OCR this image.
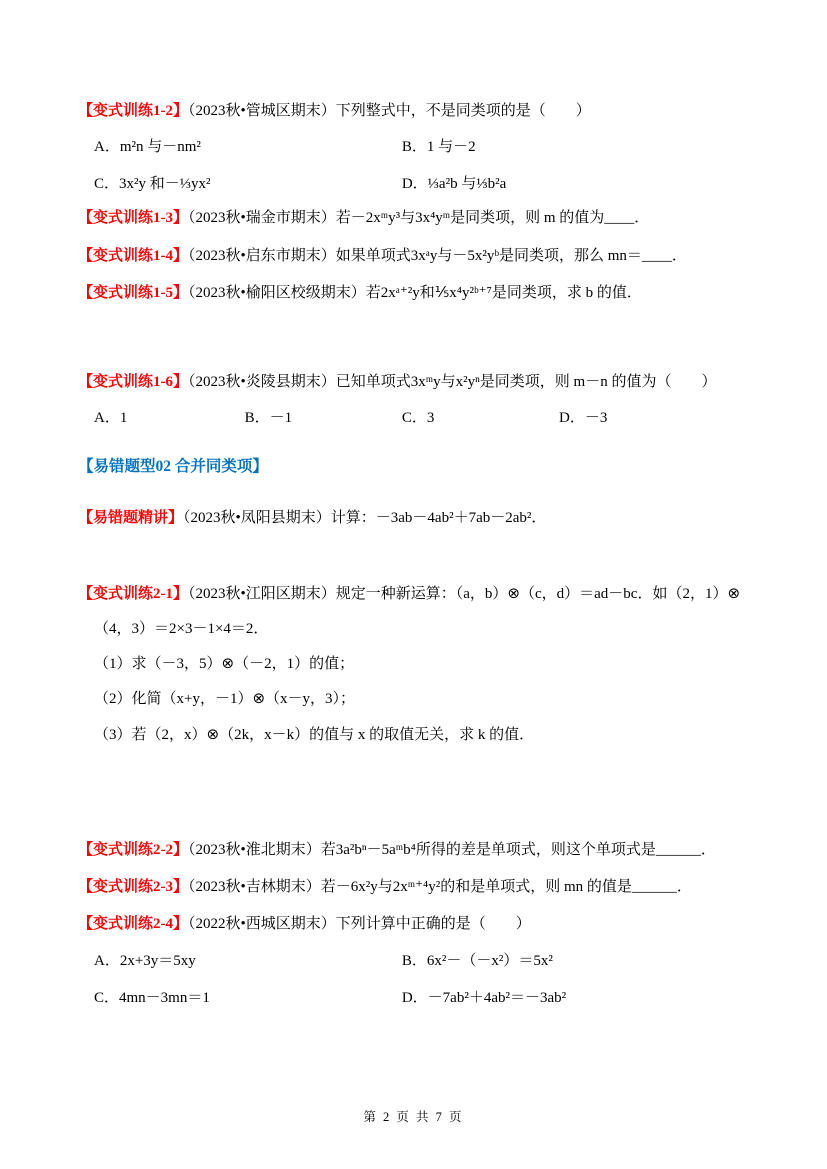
【变式训练1-2】（2023秋•管城区期末）下列整式中，不是同类项的是（　　）

A．m²n 与－nm²	B．1 与－2
C．3x²y 和－⅓yx²	D．⅓a²b 与⅓b²a

【变式训练1-3】（2023秋•瑞金市期末）若－2xᵐy³与3x⁴yᵐ是同类项，则 m 的值为____．

【变式训练1-4】（2023秋•启东市期末）如果单项式3xᵃy与－5x²yᵇ是同类项，那么 mn＝____．

【变式训练1-5】（2023秋•榆阳区校级期末）若2xᵃ⁺²y和⅕x⁴y²ᵇ⁺⁷是同类项，求 b 的值．

【变式训练1-6】（2023秋•炎陵县期末）已知单项式3xᵐy与x²yⁿ是同类项，则 m－n 的值为（　　）

A．1	B．－1	C．3	D．－3

【易错题型02 合并同类项】

【易错题精讲】（2023秋•凤阳县期末）计算：－3ab－4ab²＋7ab－2ab²．

【变式训练2-1】（2023秋•江阳区期末）规定一种新运算：（a，b）⊗（c，d）＝ad－bc．如（2，1）⊗

（4，3）＝2×3－1×4＝2．

（1）求（－3，5）⊗（－2，1）的值；

（2）化简（x+y，－1）⊗（x－y，3）；

（3）若（2，x）⊗（2k，x－k）的值与 x 的取值无关，求 k 的值．

【变式训练2-2】（2023秋•淮北期末）若3a²bⁿ－5aᵐb⁴所得的差是单项式，则这个单项式是______．

【变式训练2-3】（2023秋•吉林期末）若－6x²y与2xᵐ⁺⁴y²的和是单项式，则 mn 的值是______．

【变式训练2-4】（2022秋•西城区期末）下列计算中正确的是（　　）

A．2x+3y＝5xy	B．6x²－（－x²）＝5x²
C．4mn－3mn＝1	D．－7ab²＋4ab²＝－3ab²
第 2 页 共 7 页
